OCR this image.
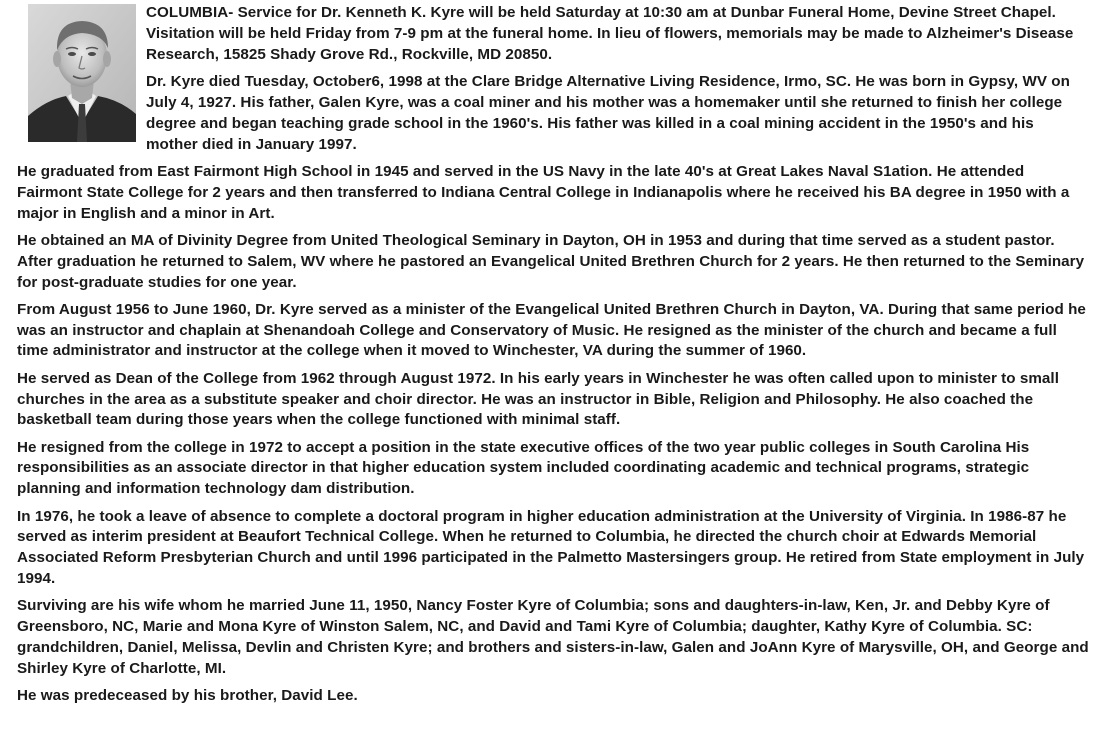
COLUMBIA- Service for Dr. Kenneth K. Kyre will be held Saturday at 10:30 am at Dunbar Funeral Home, Devine Street Chapel. Visitation will be held Friday from 7-9 pm at the funeral home. In lieu of flowers, memorials may be made to Alzheimer's Disease Research, 15825 Shady Grove Rd., Rockville, MD 20850.

Dr. Kyre died Tuesday, October6, 1998 at the Clare Bridge Alternative Living Residence, Irmo, SC. He was born in Gypsy, WV on July 4, 1927. His father, Galen Kyre, was a coal miner and his mother was a homemaker until she returned to finish her college degree and began teaching grade school in the 1960's. His father was killed in a coal mining accident in the 1950's and his mother died in January 1997.

He graduated from East Fairmont High School in 1945 and served in the US Navy in the late 40's at Great Lakes Naval S1ation. He attended Fairmont State College for 2 years and then transferred to Indiana Central College in Indianapolis where he received his BA degree in 1950 with a major in English and a minor in Art.

He obtained an MA of Divinity Degree from United Theological Seminary in Dayton, OH in 1953 and during that time served as a student pastor. After graduation he returned to Salem, WV where he pastored an Evangelical United Brethren Church for 2 years. He then returned to the Seminary for post-graduate studies for one year.

From August 1956 to June 1960, Dr. Kyre served as a minister of the Evangelical United Brethren Church in Dayton, VA. During that same period he was an instructor and chaplain at Shenandoah College and Conservatory of Music. He resigned as the minister of the church and became a full time administrator and instructor at the college when it moved to Winchester, VA during the summer of 1960.

He served as Dean of the College from 1962 through August 1972. In his early years in Winchester he was often called upon to minister to small churches in the area as a substitute speaker and choir director. He was an instructor in Bible, Religion and Philosophy. He also coached the basketball team during those years when the college functioned with minimal staff.

He resigned from the college in 1972 to accept a position in the state executive offices of the two year public colleges in South Carolina His responsibilities as an associate director in that higher education system included coordinating academic and technical programs, strategic planning and information technology dam distribution.

In 1976, he took a leave of absence to complete a doctoral program in higher education administration at the University of Virginia. In 1986-87 he served as interim president at Beaufort Technical College. When he returned to Columbia, he directed the church choir at Edwards Memorial Associated Reform Presbyterian Church and until 1996 participated in the Palmetto Mastersingers group. He retired from State employment in July 1994.

Surviving are his wife whom he married June 11, 1950, Nancy Foster Kyre of Columbia; sons and daughters-in-law, Ken, Jr. and Debby Kyre of Greensboro, NC, Marie and Mona Kyre of Winston Salem, NC, and David and Tami Kyre of Columbia; daughter, Kathy Kyre of Columbia. SC: grandchildren, Daniel, Melissa, Devlin and Christen Kyre; and brothers and sisters-in-law, Galen and JoAnn Kyre of Marysville, OH, and George and Shirley Kyre of Charlotte, MI.

He was predeceased by his brother, David Lee.
